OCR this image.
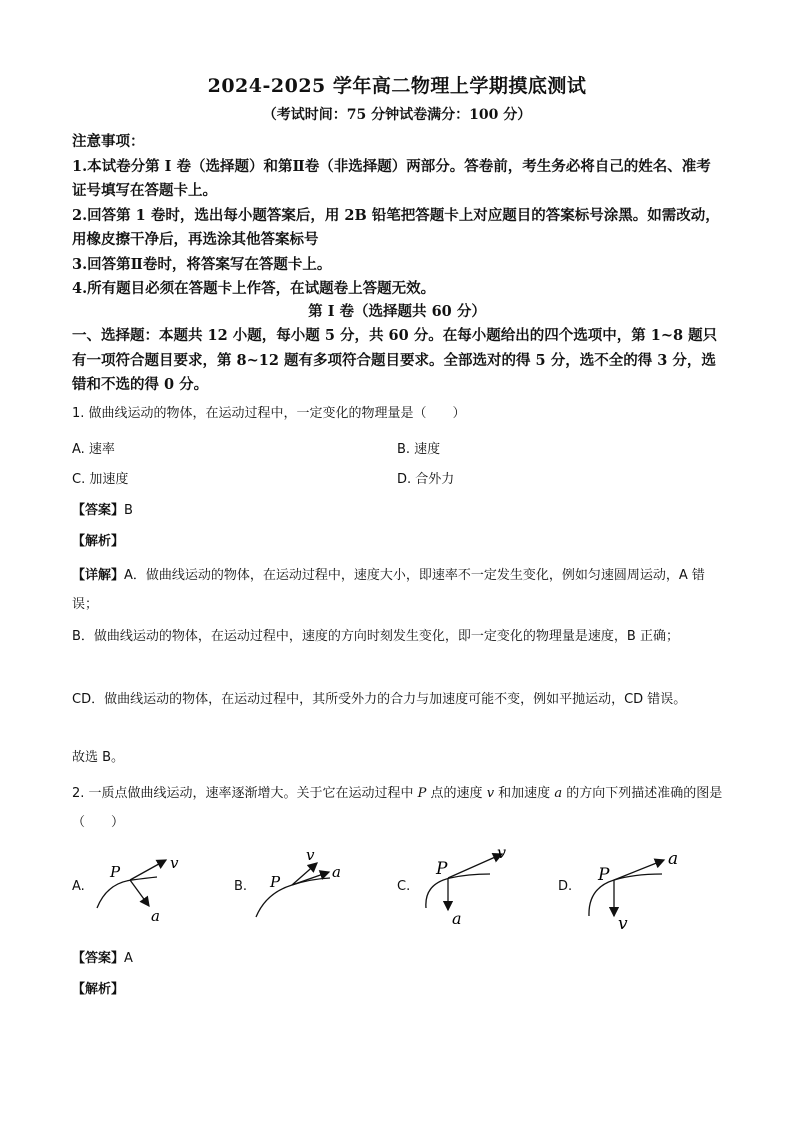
2024-2025 学年高二物理上学期摸底测试
（考试时间：75 分钟试卷满分：100 分）

注意事项：

1.本试卷分第 I 卷（选择题）和第Ⅱ卷（非选择题）两部分。答卷前，考生务必将自己的姓名、准考证号填写在答题卡上。

2.回答第 1 卷时，选出每小题答案后，用 2B 铅笔把答题卡上对应题目的答案标号涂黑。如需改动，用橡皮擦干净后，再选涂其他答案标号

3.回答第Ⅱ卷时，将答案写在答题卡上。

4.所有题目必须在答题卡上作答，在试题卷上答题无效。

第 I 卷（选择题共 60 分）

一、选择题：本题共 12 小题，每小题 5 分，共 60 分。在每小题给出的四个选项中，第 1~8 题只有一项符合题目要求，第 8~12 题有多项符合题目要求。全部选对的得 5 分，选不全的得 3 分，选错和不选的得 0 分。

1. 做曲线运动的物体，在运动过程中，一定变化的物理量是（　　）

A. 速率	B. 速度
C. 加速度	D. 合外力
【答案】B
【解析】

【详解】A．做曲线运动的物体，在运动过程中，速度大小，即速率不一定发生变化，例如匀速圆周运动，A 错误；

B．做曲线运动的物体，在运动过程中，速度的方向时刻发生变化，即一定变化的物理量是速度，B 正确；

CD．做曲线运动的物体，在运动过程中，其所受外力的合力与加速度可能不变，例如平抛运动，CD 错误。

故选 B。

2. 一质点做曲线运动，速率逐渐增大。关于它在运动过程中 P 点的速度 v 和加速度 a 的方向下列描述准确的图是（　　）

A.
P	v
a
B. P
v
a
C.
P
v
a
D.
P
a
v
【答案】A
【解析】
